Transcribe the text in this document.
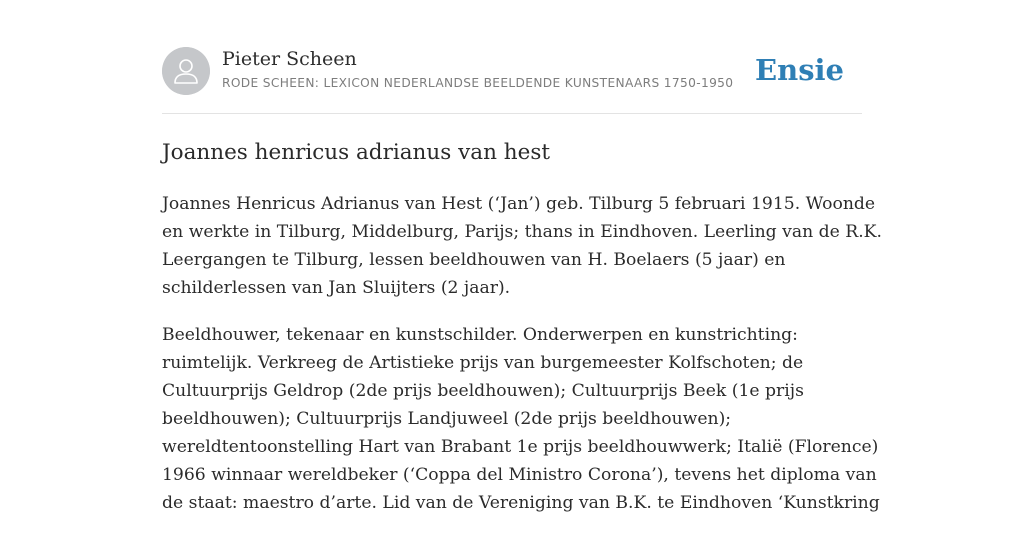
Pieter Scheen
RODE SCHEEN: LEXICON NEDERLANDSE BEELDENDE KUNSTENAARS 1750-1950 Ensie
Joannes henricus adrianus van hest

Joannes Henricus Adrianus van Hest (‘Jan’) geb. Tilburg 5 februari 1915. Woonde
en werkte in Tilburg, Middelburg, Parijs; thans in Eindhoven. Leerling van de R.K.
Leergangen te Tilburg, lessen beeldhouwen van H. Boelaers (5 jaar) en
schilderlessen van Jan Sluijters (2 jaar).

Beeldhouwer, tekenaar en kunstschilder. Onderwerpen en kunstrichting:
ruimtelijk. Verkreeg de Artistieke prijs van burgemeester Kolfschoten; de
Cultuurprijs Geldrop (2de prijs beeldhouwen); Cultuurprijs Beek (1e prijs
beeldhouwen); Cultuurprijs Landjuweel (2de prijs beeldhouwen);
wereldtentoonstelling Hart van Brabant 1e prijs beeldhouwwerk; Italië (Florence)
1966 winnaar wereldbeker (‘Coppa del Ministro Corona’), tevens het diploma van
de staat: maestro d’arte. Lid van de Vereniging van B.K. te Eindhoven ‘Kunstkring
